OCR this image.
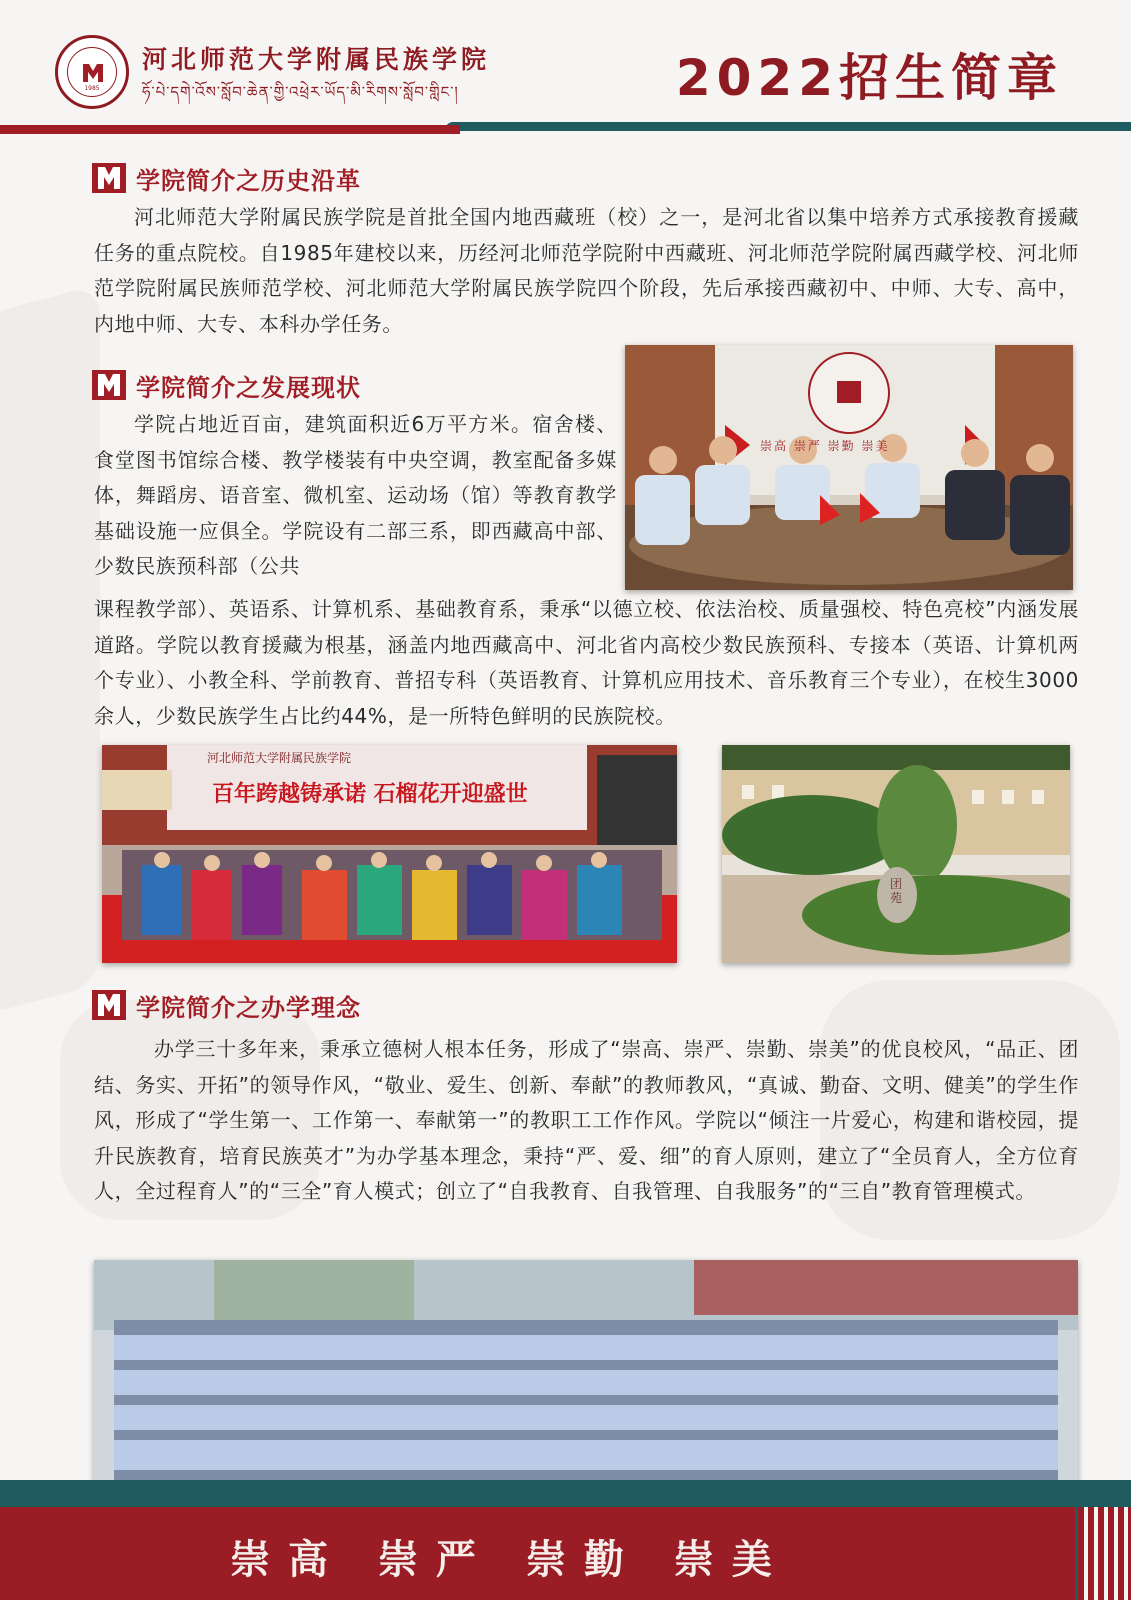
1985
河北师范大学附属民族学院
ཧོ་པེ་དགེ་འོས་སློབ་ཆེན་གྱི་འཕྲེར་ཡོད་མི་རིགས་སློབ་གླིང་།	2022招生简章
学院简介之历史沿革

河北师范大学附属民族学院是首批全国内地西藏班（校）之一，是河北省以集中培养方式承接教育援藏任务的重点院校。自1985年建校以来，历经河北师范学院附中西藏班、河北师范学院附属西藏学校、河北师范学院附属民族师范学校、河北师范大学附属民族学院四个阶段，先后承接西藏初中、中师、大专、高中，内地中师、大专、本科办学任务。

学院简介之发展现状

学院占地近百亩，建筑面积近6万平方米。宿舍楼、食堂图书馆综合楼、教学楼装有中央空调，教室配备多媒体，舞蹈房、语音室、微机室、运动场（馆）等教育教学基础设施一应俱全。学院设有二部三系，即西藏高中部、少数民族预科部（公共

课程教学部）、英语系、计算机系、基础教育系，秉承“以德立校、依法治校、质量强校、特色亮校”内涵发展道路。学院以教育援藏为根基，涵盖内地西藏高中、河北省内高校少数民族预科、专接本（英语、计算机两个专业）、小教全科、学前教育、普招专科（英语教育、计算机应用技术、音乐教育三个专业），在校生3000余人，少数民族学生占比约44%，是一所特色鲜明的民族院校。

崇高 崇严 崇勤 崇美
河北师范大学附属民族学院
百年跨越铸承诺 石榴花开迎盛世
团苑
学院简介之办学理念

办学三十多年来，秉承立德树人根本任务，形成了“崇高、崇严、崇勤、崇美”的优良校风，“品正、团结、务实、开拓”的领导作风，“敬业、爱生、创新、奉献”的教师教风，“真诚、勤奋、文明、健美”的学生作风，形成了“学生第一、工作第一、奉献第一”的教职工工作作风。学院以“倾注一片爱心，构建和谐校园，提升民族教育，培育民族英才”为办学基本理念，秉持“严、爱、细”的育人原则，建立了“全员育人，全方位育人，全过程育人”的“三全”育人模式；创立了“自我教育、自我管理、自我服务”的“三自”教育管理模式。

崇高 崇严 崇勤 崇美
